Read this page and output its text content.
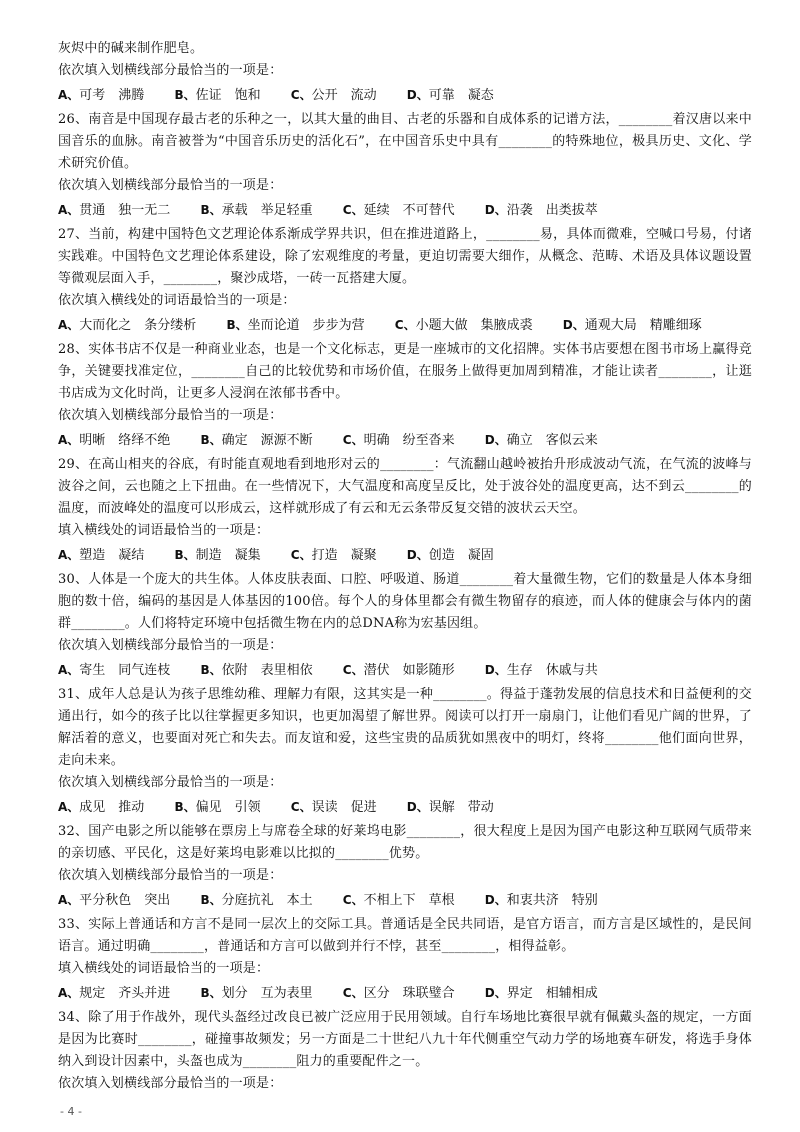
灰烬中的碱来制作肥皂。
依次填入划横线部分最恰当的一项是：
A、可考　沸腾	B、佐证　饱和	C、公开　流动	D、可靠　凝态
26、南音是中国现存最古老的乐种之一，以其大量的曲目、古老的乐器和自成体系的记谱方法，________着汉唐以来中国音乐的血脉。南音被誉为“中国音乐历史的活化石”，在中国音乐史中具有________的特殊地位，极具历史、文化、学术研究价值。
依次填入划横线部分最恰当的一项是：
A、贯通　独一无二	B、承载　举足轻重	C、延续　不可替代	D、沿袭　出类拔萃
27、当前，构建中国特色文艺理论体系渐成学界共识，但在推进道路上，________易，具体而微难，空喊口号易，付诸实践难。中国特色文艺理论体系建设，除了宏观维度的考量，更迫切需要大细作，从概念、范畴、术语及具体议题设置等微观层面入手，________，聚沙成塔，一砖一瓦搭建大厦。
依次填入横线处的词语最恰当的一项是：
A、大而化之　条分缕析	B、坐而论道　步步为营	C、小题大做　集腋成裘	D、通观大局　精雕细琢
28、实体书店不仅是一种商业业态，也是一个文化标志，更是一座城市的文化招牌。实体书店要想在图书市场上赢得竞争，关键要找准定位，________自己的比较优势和市场价值，在服务上做得更加周到精准，才能让读者________，让逛书店成为文化时尚，让更多人浸润在浓郁书香中。
依次填入划横线部分最恰当的一项是：
A、明晰　络绎不绝	B、确定　源源不断	C、明确　纷至沓来	D、确立　客似云来
29、在高山相夹的谷底，有时能直观地看到地形对云的________：气流翻山越岭被抬升形成波动气流，在气流的波峰与波谷之间，云也随之上下扭曲。在一些情况下，大气温度和高度呈反比，处于波谷处的温度更高，达不到云________的温度，而波峰处的温度可以形成云，这样就形成了有云和无云条带反复交错的波状云天空。
填入横线处的词语最恰当的一项是：
A、塑造　凝结	B、制造　凝集	C、打造　凝聚	D、创造　凝固
30、人体是一个庞大的共生体。人体皮肤表面、口腔、呼吸道、肠道________着大量微生物，它们的数量是人体本身细胞的数十倍，编码的基因是人体基因的100倍。每个人的身体里都会有微生物留存的痕迹，而人体的健康会与体内的菌群________。人们将特定环境中包括微生物在内的总DNA称为宏基因组。
依次填入划横线部分最恰当的一项是：
A、寄生　同气连枝	B、依附　表里相依	C、潜伏　如影随形	D、生存　休戚与共
31、成年人总是认为孩子思维幼稚、理解力有限，这其实是一种________。得益于蓬勃发展的信息技术和日益便利的交通出行，如今的孩子比以往掌握更多知识，也更加渴望了解世界。阅读可以打开一扇扇门，让他们看见广阔的世界，了解活着的意义，也要面对死亡和失去。而友谊和爱，这些宝贵的品质犹如黑夜中的明灯，终将________他们面向世界，走向未来。
依次填入划横线部分最恰当的一项是：
A、成见　推动	B、偏见　引领	C、误读　促进	D、误解　带动
32、国产电影之所以能够在票房上与席卷全球的好莱坞电影________，很大程度上是因为国产电影这种互联网气质带来的亲切感、平民化，这是好莱坞电影难以比拟的________优势。
依次填入划横线部分最恰当的一项是：
A、平分秋色　突出	B、分庭抗礼　本土	C、不相上下　草根	D、和衷共济　特别
33、实际上普通话和方言不是同一层次上的交际工具。普通话是全民共同语，是官方语言，而方言是区域性的，是民间语言。通过明确________，普通话和方言可以做到并行不悖，甚至________，相得益彰。
填入横线处的词语最恰当的一项是：
A、规定　齐头并进	B、划分　互为表里	C、区分　珠联璧合	D、界定　相辅相成
34、除了用于作战外，现代头盔经过改良已被广泛应用于民用领域。自行车场地比赛很早就有佩戴头盔的规定，一方面是因为比赛时________，碰撞事故频发；另一方面是二十世纪八九十年代侧重空气动力学的场地赛车研发，将选手身体纳入到设计因素中，头盔也成为________阻力的重要配件之一。
依次填入划横线部分最恰当的一项是：
- 4 -
